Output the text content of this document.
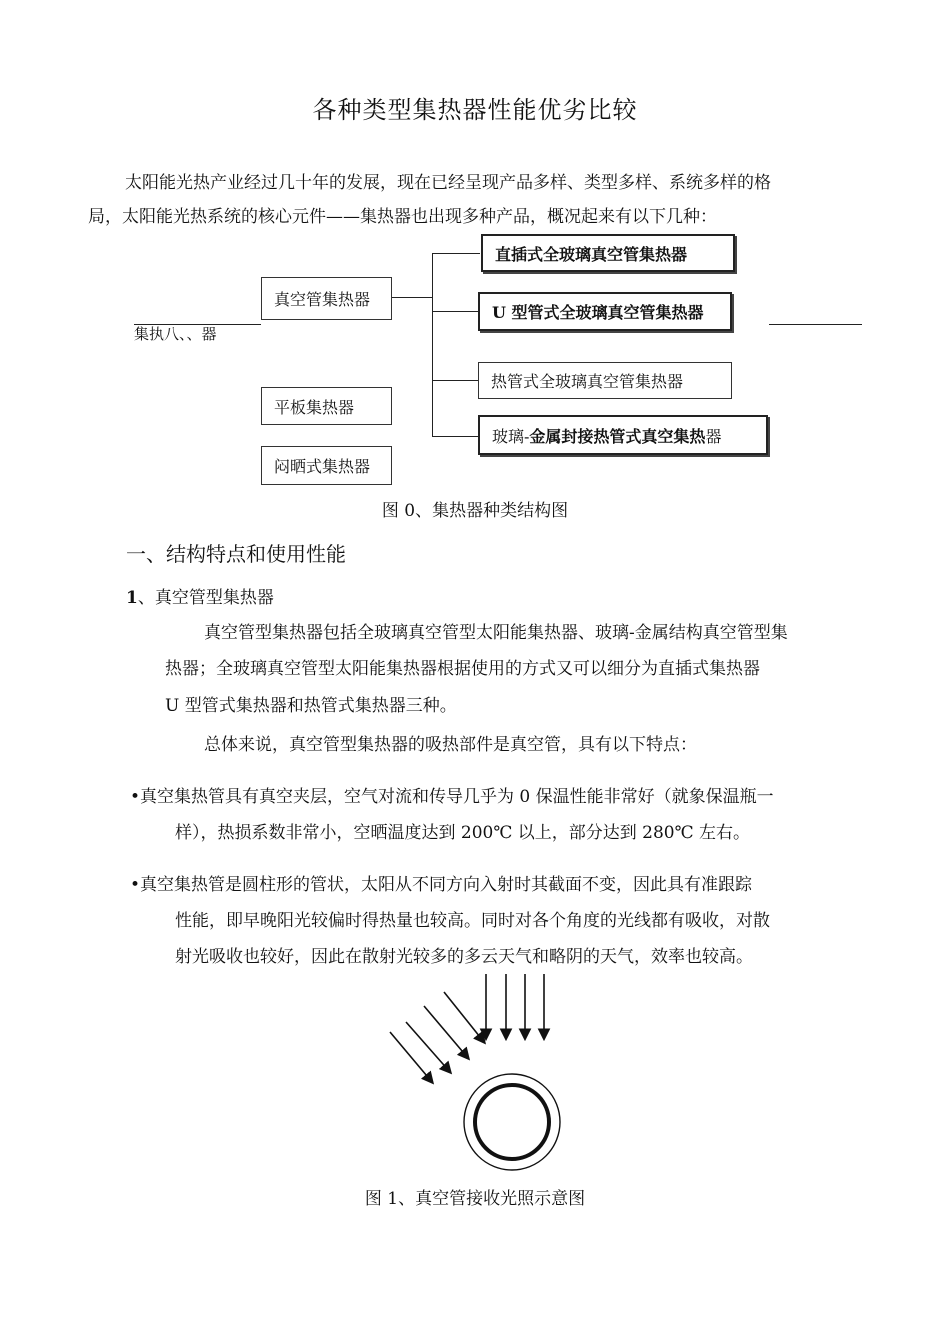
各种类型集热器性能优劣比较
太阳能光热产业经过几十年的发展，现在已经呈现产品多样、类型多样、系统多样的格
局，太阳能光热系统的核心元件——集热器也出现多种产品，概况起来有以下几种：
集执八、、器
真空管集热器
平板集热器
闷晒式集热器
直插式全玻璃真空管集热器
U 型管式全玻璃真空管集热器
热管式全玻璃真空管集热器
玻璃- 金属封接热管式真空集热 器
图 0、集热器种类结构图
一、结构特点和使用性能
1、真空管型集热器
真空管型集热器包括全玻璃真空管型太阳能集热器、玻璃-金属结构真空管型集
热器；全玻璃真空管型太阳能集热器根据使用的方式又可以细分为直插式集热器
U 型管式集热器和热管式集热器三种。
总体来说，真空管型集热器的吸热部件是真空管，具有以下特点：
•真空集热管具有真空夹层，空气对流和传导几乎为 0 保温性能非常好（就象保温瓶一
样），热损系数非常小，空晒温度达到 200℃ 以上，部分达到 280℃ 左右。
•真空集热管是圆柱形的管状，太阳从不同方向入射时其截面不变，因此具有准跟踪
性能，即早晚阳光较偏时得热量也较高。同时对各个角度的光线都有吸收，对散
射光吸收也较好，因此在散射光较多的多云天气和略阴的天气，效率也较高。
图 1、真空管接收光照示意图
